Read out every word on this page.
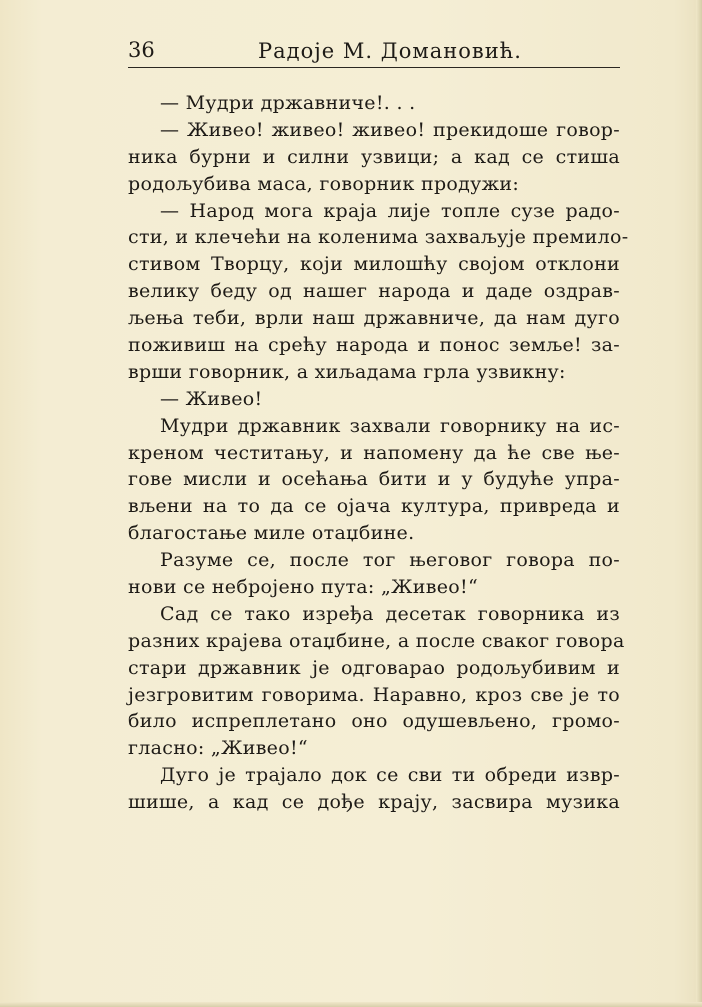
36	Радоје М. Домановић.
— Мудри државниче!. . .
— Живео! живео! живео! прекидоше говор-
ника бурни и силни узвици; а кад се стиша
родољубива маса, говорник продужи:
— Народ мога краја лије топле сузе радо-
сти, и клечећи на коленима захваљује премило-
стивом Творцу, који милошћу својом отклони
велику беду од нашег народа и даде оздрав-
љења теби, врли наш државниче, да нам дуго
поживиш на срећу народа и понос земље! за-
врши говорник, а хиљадама грла узвикну:
— Живео!
Мудри државник захвали говорнику на ис-
креном честитању, и напомену да ће све ње-
гове мисли и осећања бити и у будуће упра-
вљени на то да се ојача култура, привреда и
благостање миле отаџбине.
Разуме се, после тог његовог говора по-
нови се небројено пута: „Живео!“
Сад се тако изређа десетак говорника из
разних крајева отаџбине, а после сваког говора
стари државник је одговарао родољубивим и
језгровитим говорима. Наравно, кроз све је то
било испреплетано оно одушевљено, громо-
гласно: „Живео!“
Дуго је трајало док се сви ти обреди извр-
шише, а кад се дође крају, засвира музика
